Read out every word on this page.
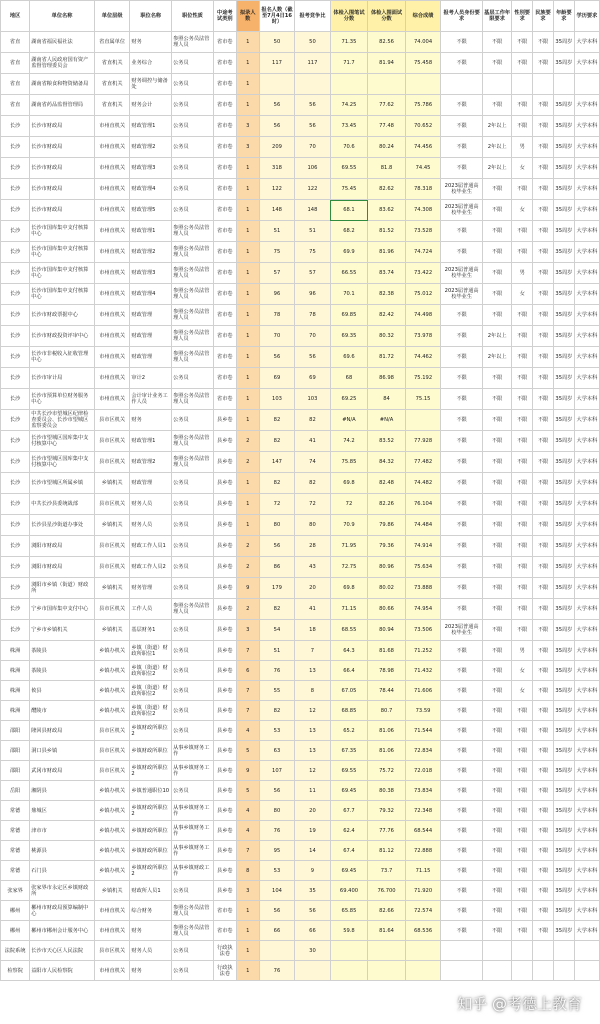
地区	单位名称	单位层级	职位名称	职位性质	中途考试类别	拟录人数	报名人数（截至7月4日16时）	报考竞争比	体检入围笔试分数	体检入围面试分数	综合成绩	报考人员身份要求	基层工作年限要求	性别要求	民族要求	年龄要求	学历要求
省直	湖南省福民福社法	省直属单位	财务	参照公务员法管理人员	省市卷	1	50	50	71.35	82.56	74.004	不限	不限	不限	不限	35周岁	大学本科
省直	湖南省人民政府国有资产监督管理委员会	省直机关	业务综合	公务员	省市卷	1	117	117	71.7	81.94	75.458	不限	不限	不限	不限	35周岁	大学本科
省直	湖南省粮食和物资储备局	省直机关	财务调控与储备处	公务员	省市卷	1											
省直	湖南省药品监督管理局	省直机关	财务会计	公务员	省市卷	1	56	56	74.25	77.62	75.786	不限	不限	不限	不限	35周岁	大学本科
长沙	长沙市财政局	市州直机关	财政管理1	公务员	省市卷	3	56	56	73.45	77.48	70.652	不限	2年以上	不限	不限	35周岁	大学本科
长沙	长沙市财政局	市州直机关	财政管理2	公务员	省市卷	3	209	70	70.6	80.24	74.456	不限	2年以上	男	不限	35周岁	大学本科
长沙	长沙市财政局	市州直机关	财政管理3	公务员	省市卷	1	318	106	69.55	81.8	74.45	不限	2年以上	女	不限	35周岁	大学本科
长沙	长沙市财政局	市州直机关	财政管理4	公务员	省市卷	1	122	122	75.45	82.62	78.318	2023届普通高校毕业生	不限	不限	不限	35周岁	大学本科
长沙	长沙市财政局	市州直机关	财政管理5	公务员	省市卷	1	148	148	68.1	83.62	74.308	2023届普通高校毕业生	不限	女	不限	35周岁	大学本科
长沙	长沙市国库集中支付核算中心	市州直机关	财政管理1	参照公务员法管理人员	省市卷	1	51	51	68.2	81.52	73.528	不限	不限	不限	不限	35周岁	大学本科
长沙	长沙市国库集中支付核算中心	市州直机关	财政管理2	参照公务员法管理人员	省市卷	1	75	75	69.9	81.96	74.724	不限	不限	不限	不限	35周岁	大学本科
长沙	长沙市国库集中支付核算中心	市州直机关	财政管理3	参照公务员法管理人员	省市卷	1	57	57	66.55	83.74	73.422	2023届普通高校毕业生	不限	男	不限	35周岁	大学本科
长沙	长沙市国库集中支付核算中心	市州直机关	财政管理4	参照公务员法管理人员	省市卷	1	96	96	70.1	82.38	75.012	2023届普通高校毕业生	不限	女	不限	35周岁	大学本科
长沙	长沙市财政票据中心	市州直机关	财政管理	参照公务员法管理人员	省市卷	1	78	78	69.85	82.42	74.498	不限	不限	不限	不限	35周岁	大学本科
长沙	长沙市财政投资评审中心	市州直机关	财政管理	参照公务员法管理人员	省市卷	1	70	70	69.35	80.32	73.978	不限	2年以上	不限	不限	35周岁	大学本科
长沙	长沙市非税收入征收管理中心	市州直机关	财政管理	参照公务员法管理人员	省市卷	1	56	56	69.6	81.72	74.462	不限	2年以上	不限	不限	35周岁	大学本科
长沙	长沙市审计局	市州直机关	审计2	公务员	省市卷	1	69	69	68	86.98	75.192	不限	不限	不限	不限	35周岁	大学本科
长沙	长沙市预算单位财务服务中心	市州直机关	会计审计业务工作人员	参照公务员法管理人员	省市卷	1	103	103	69.25	84	75.15	不限	不限	不限	不限	35周岁	大学本科
长沙	中共长沙市望城区纪律检查委员会、长沙市望城区监察委员会	县市区机关	财务	公务员	县乡卷	1	82	82	#N/A	#N/A		不限	不限	不限	不限	35周岁	大学本科
长沙	长沙市望城区国库集中支付核算中心	县市区机关	财政管理1	参照公务员法管理人员	县乡卷	2	82	41	74.2	83.52	77.928	不限	不限	不限	不限	35周岁	大学本科
长沙	长沙市望城区国库集中支付核算中心	县市区机关	财政管理2	参照公务员法管理人员	县乡卷	2	147	74	75.85	84.32	77.482	不限	不限	不限	不限	35周岁	大学本科
长沙	长沙市望城区所属乡镇	乡镇机关	财政管理	公务员	县乡卷	1	82	82	69.8	82.48	74.482	不限	不限	不限	不限	35周岁	大学本科
长沙	中共长沙县委统战部	县市区机关	财务人员	公务员	县乡卷	1	72	72	72	82.26	76.104	不限	不限	不限	不限	35周岁	大学本科
长沙	长沙县星沙街道办事处	乡镇机关	财务人员	公务员	县乡卷	1	80	80	70.9	79.86	74.484	不限	不限	不限	不限	35周岁	大学本科
长沙	浏阳市财政局	县市区机关	财政工作人员1	公务员	县乡卷	2	56	28	71.95	79.36	74.914	不限	不限	不限	不限	35周岁	大学本科
长沙	浏阳市财政局	县市区机关	财政工作人员2	公务员	县乡卷	2	86	43	72.75	80.96	75.634	不限	不限	不限	不限	35周岁	大学本科
长沙	浏阳市乡镇（街道）财政所	乡镇机关	财务管理	公务员	县乡卷	9	179	20	69.8	80.02	73.888	不限	不限	不限	不限	35周岁	大学本科
长沙	宁乡市国库集中支付中心	县市区机关	工作人员	参照公务员法管理人员	县乡卷	2	82	41	71.15	80.66	74.954	不限	不限	不限	不限	35周岁	大学本科
长沙	宁乡市乡镇机关	乡镇机关	基层财务1	公务员	县乡卷	3	54	18	68.55	80.94	73.506	2023届普通高校毕业生	不限	不限	不限	35周岁	大学本科
株洲	茶陵县	乡镇办机关	乡镇（街道）财政所职位1	公务员	县乡卷	7	51	7	64.3	81.68	71.252	不限	不限	男	不限	35周岁	大学本科
株洲	茶陵县	乡镇办机关	乡镇（街道）财政所职位2	公务员	县乡卷	6	76	13	66.4	78.98	71.432	不限	不限	女	不限	35周岁	大学本科
株洲	攸县	乡镇办机关	乡镇（街道）财政所职位2	公务员	县乡卷	7	55	8	67.05	78.44	71.606	不限	不限	女	不限	35周岁	大学本科
株洲	醴陵市	乡镇办机关	乡镇（街道）财政所职位2	公务员	县乡卷	7	82	12	68.85	80.7	73.59	不限	不限	不限	不限	35周岁	大学本科
邵阳	隆回县财政局	县市区机关	乡镇财政所职位2	公务员	县乡卷	4	53	13	65.2	81.06	71.544	不限	不限	不限	不限	35周岁	大学本科
邵阳	洞口县乡镇	县市区机关	乡镇财政所职位	从事乡镇财务工作	县乡卷	5	63	13	67.35	81.06	72.834	不限	不限	不限	不限	35周岁	大学本科
邵阳	武冈市财政局	县市区机关	乡镇财政所职位2	从事乡镇财务工作	县乡卷	9	107	12	69.55	75.72	72.018	不限	不限	不限	不限	35周岁	大学本科
岳阳	湘阴县	乡镇办机关	乡镇普通职位10	公务员	县乡卷	5	56	11	69.45	80.38	73.834	不限	不限	不限	不限	35周岁	大学本科
常德	鼎城区	乡镇办机关	乡镇财政所职位2	从事乡镇财务工作	县乡卷	4	80	20	67.7	79.32	72.348	不限	不限	不限	不限	35周岁	大学本科
常德	津市市	乡镇办机关	乡镇财政所职位	从事乡镇财务工作	县乡卷	4	76	19	62.4	77.76	68.544	不限	不限	不限	不限	35周岁	大学本科
常德	桃源县	乡镇办机关	乡镇财政所职位	从事乡镇财务工作	县乡卷	7	95	14	67.4	81.12	72.888	不限	不限	不限	不限	35周岁	大学本科
常德	石门县	乡镇办机关	乡镇财政所职位2	从事乡镇财政工作	县乡卷	8	53	9	69.45	73.7	71.15	不限	不限	不限	不限	35周岁	大学本科
张家界	张家界市永定区乡镇财政所	乡镇机关	财政所人员1	公务员	县乡卷	3	104	35	69.400	76.700	71.920	不限	不限	不限	不限	35周岁	大学本科
郴州	郴州市财政局预算编制中心	市州直机关	综合财务	参照公务员法管理人员	省市卷	1	56	56	65.85	82.66	72.574	不限	不限	不限	不限	35周岁	大学本科
郴州	郴州市郴州会计服务中心	市州直机关	财务	参照公务员法管理人员	省市卷	1	66	66	59.8	81.64	68.536	不限	不限	不限	不限	35周岁	大学本科
法院系统	长沙市天心区人民法院	县市区机关	财务人员	公务员	行政执法卷	1		30									
检察院	益阳市人民检察院	市州直机关	财务	公务员	行政执法卷	1	76										
知乎 @考德上教育
